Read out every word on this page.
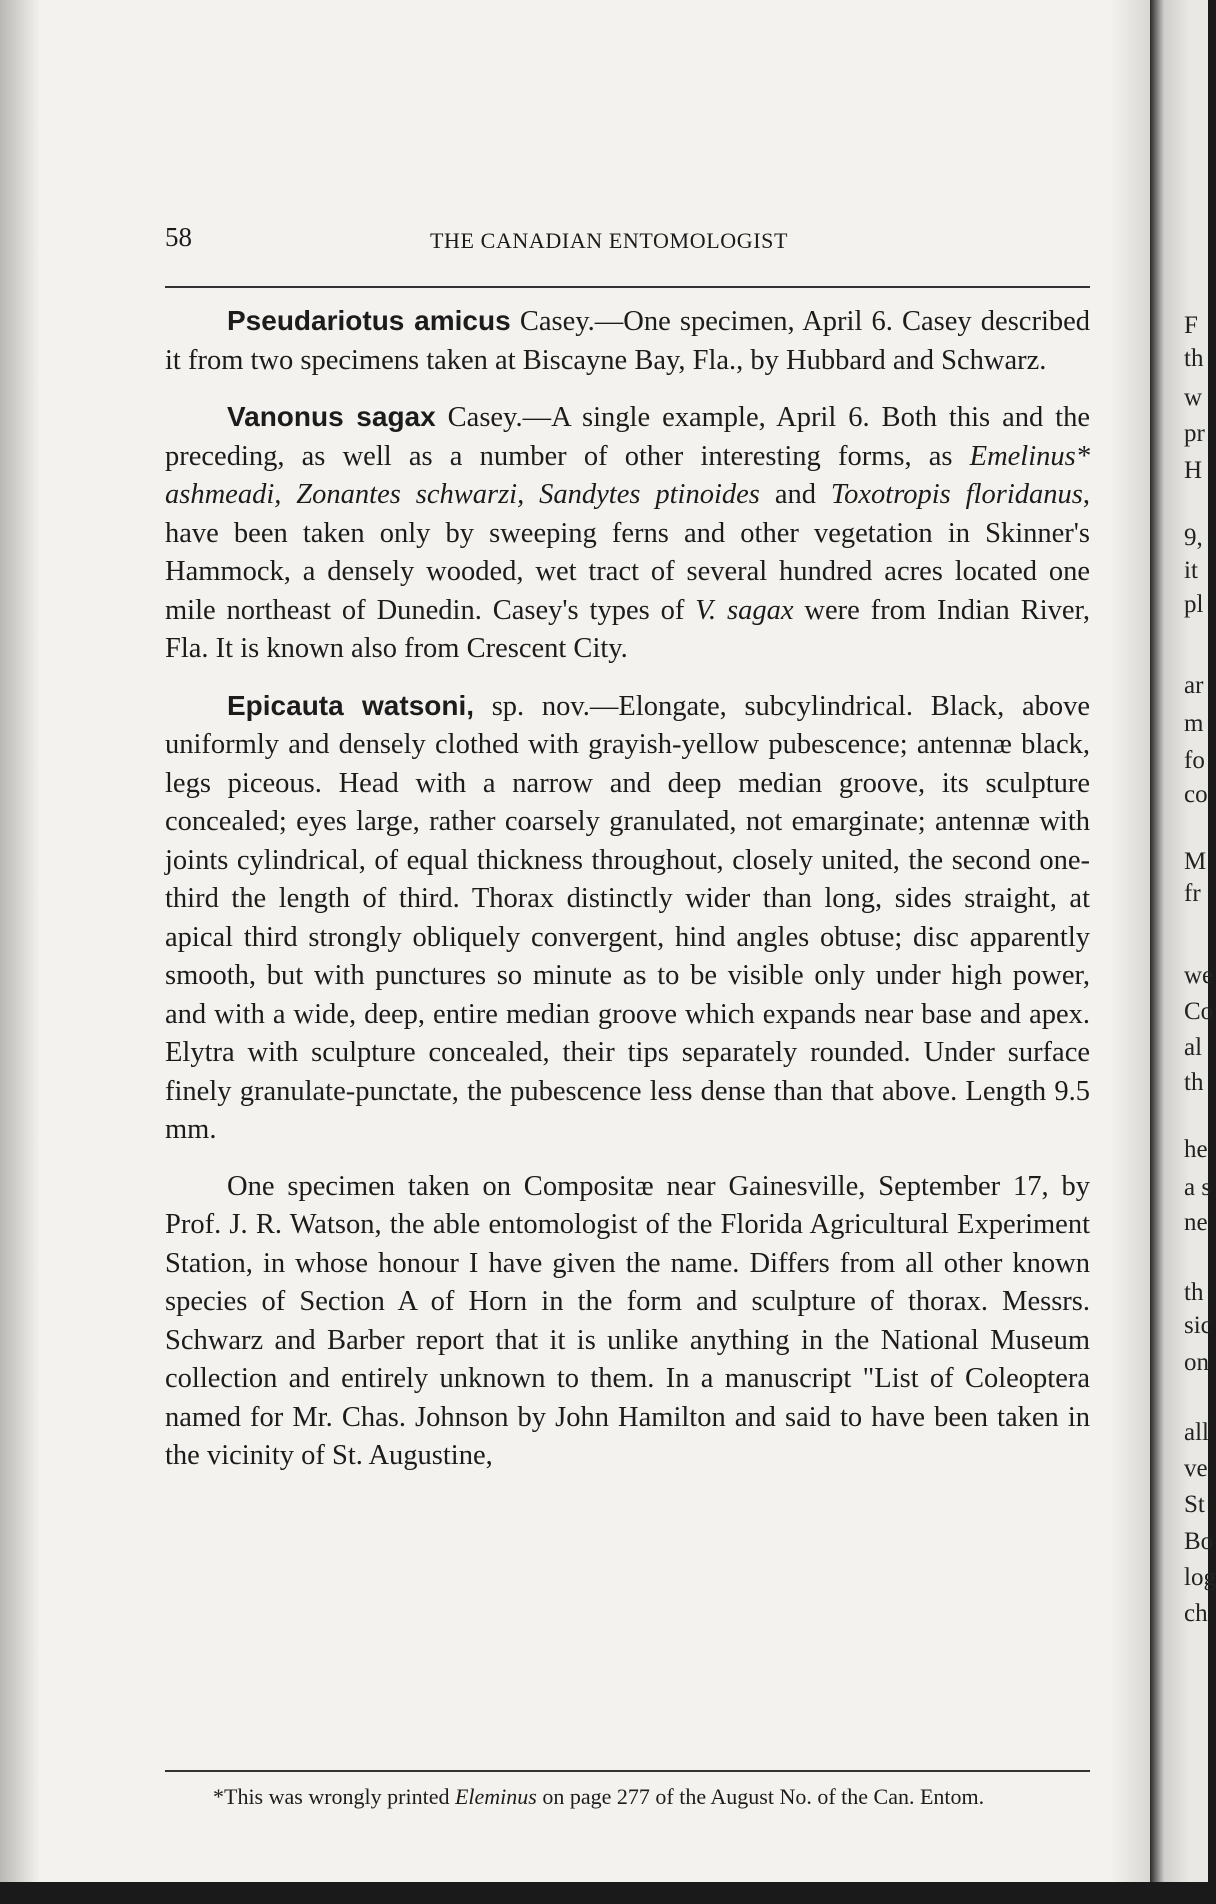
58	THE CANADIAN ENTOMOLOGIST

Pseudariotus amicus Casey.—One specimen, April 6. Casey described it from two specimens taken at Biscayne Bay, Fla., by Hubbard and Schwarz.

Vanonus sagax Casey.—A single example, April 6. Both this and the preceding, as well as a number of other interesting forms, as Emelinus* ashmeadi, Zonantes schwarzi, Sandytes ptinoides and Toxotropis floridanus, have been taken only by sweeping ferns and other vegetation in Skinner's Hammock, a densely wooded, wet tract of several hundred acres located one mile northeast of Dunedin. Casey's types of V. sagax were from Indian River, Fla. It is known also from Crescent City.

Epicauta watsoni, sp. nov.—Elongate, subcylindrical. Black, above uniformly and densely clothed with grayish-yellow pubescence; antennæ black, legs piceous. Head with a narrow and deep median groove, its sculpture concealed; eyes large, rather coarsely granulated, not emarginate; antennæ with joints cylindrical, of equal thickness throughout, closely united, the second one-third the length of third. Thorax distinctly wider than long, sides straight, at apical third strongly obliquely convergent, hind angles obtuse; disc apparently smooth, but with punctures so minute as to be visible only under high power, and with a wide, deep, entire median groove which expands near base and apex. Elytra with sculpture concealed, their tips separately rounded. Under surface finely granulate-punctate, the pubescence less dense than that above. Length 9.5 mm.

One specimen taken on Compositæ near Gainesville, September 17, by Prof. J. R. Watson, the able entomologist of the Florida Agricultural Experiment Station, in whose honour I have given the name. Differs from all other known species of Section A of Horn in the form and sculpture of thorax. Messrs. Schwarz and Barber report that it is unlike anything in the National Museum collection and entirely unknown to them. In a manuscript "List of Coleoptera named for Mr. Chas. Johnson by John Hamilton and said to have been taken in the vicinity of St. Augustine,

*This was wrongly printed Eleminus on page 277 of the August No. of the Can. Entom.

F
th
w
pr
H
9,
it
pl
ar
m
fo
co
M
fr
we
Co
al
th
he
a s
ne
th
sic
on
all
ve
St
Bo
log
ch
